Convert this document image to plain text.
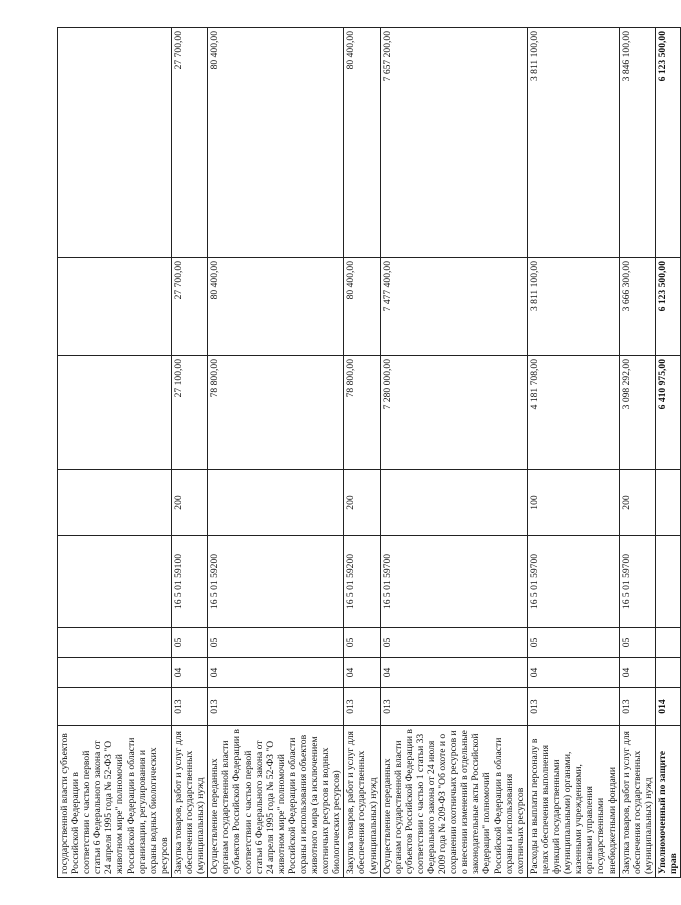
государственной власти субъектов Российской Федерации в соответствии с частью первой статьи 6 Федерального закона от 24 апреля 1995 года № 52-ФЗ "О животном мире" полномочий Российской Федерации в области организации, регулирования и охраны водных биологических ресурсов								
Закупка товаров, работ и услуг для обеспечения государственных (муниципальных) нужд	013	04	05	16 5 01 59100	200	27 100,00	27 700,00	27 700,00
Осуществление переданных органам государственной власти субъектов Российской Федерации в соответствии с частью первой статьи 6 Федерального закона от 24 апреля 1995 года № 52-ФЗ "О животном мире" полномочий Российской Федерации в области охраны и использования объектов животного мира (за исключением охотничьих ресурсов и водных биологических ресурсов)	013	04	05	16 5 01 59200		78 800,00	80 400,00	80 400,00
Закупка товаров, работ и услуг для обеспечения государственных (муниципальных) нужд	013	04	05	16 5 01 59200	200	78 800,00	80 400,00	80 400,00
Осуществление переданных органам государственной власти субъектов Российской Федерации в соответствии с частью 1 статьи 33 Федерального закона от 24 июля 2009 года № 209-ФЗ "Об охоте и о сохранении охотничьих ресурсов и о внесении изменений в отдельные законодательные акты Российской Федерации" полномочий Российской Федерации в области охраны и использования охотничьих ресурсов	013	04	05	16 5 01 59700		7 280 000,00	7 477 400,00	7 657 200,00
Расходы на выплаты персоналу в целях обеспечения выполнения функций государственными (муниципальными) органами, казенными учреждениями, органами управления государственными внебюджетными фондами	013	04	05	16 5 01 59700	100	4 181 708,00	3 811 100,00	3 811 100,00
Закупка товаров, работ и услуг для обеспечения государственных (муниципальных) нужд	013	04	05	16 5 01 59700	200	3 098 292,00	3 666 300,00	3 846 100,00
Уполномоченный по защите прав	014					6 410 975,00	6 123 500,00	6 123 500,00
